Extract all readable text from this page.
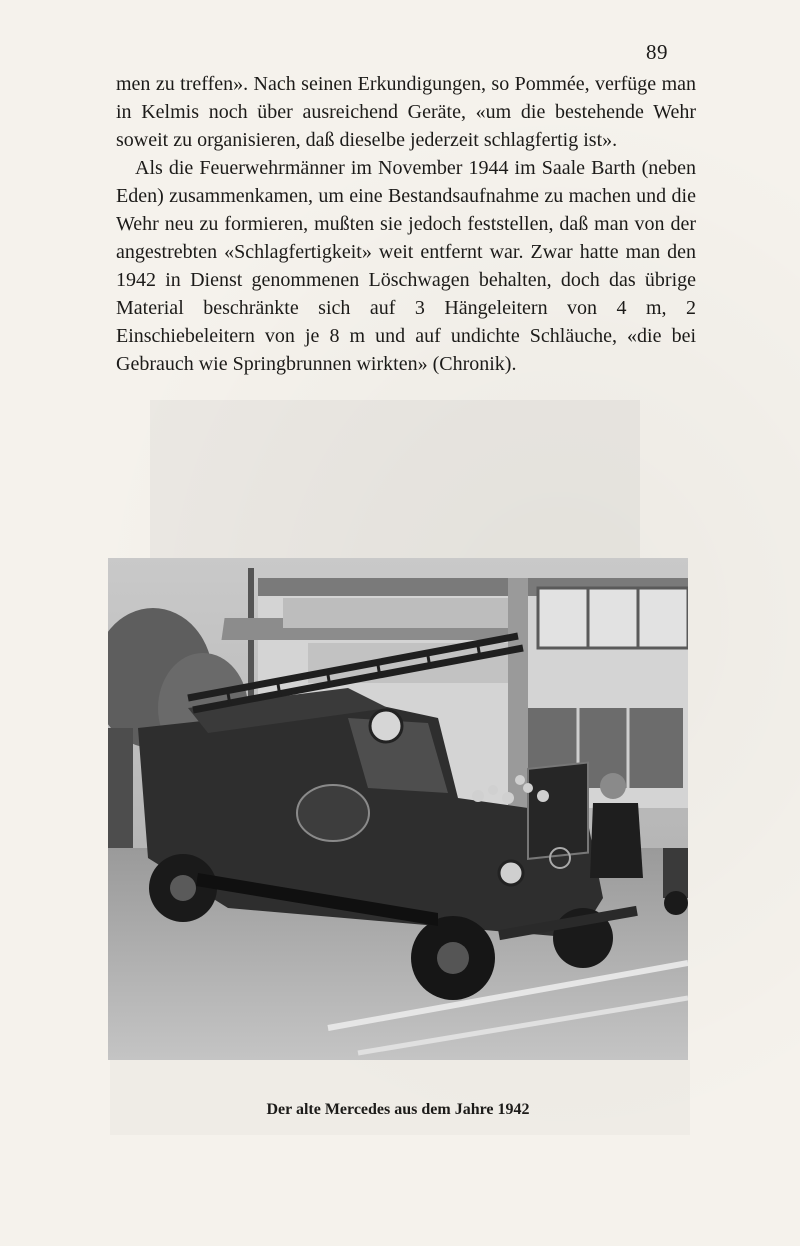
89

men zu treffen». Nach seinen Erkundigungen, so Pommée, verfüge man in Kelmis noch über ausreichend Geräte, «um die bestehende Wehr soweit zu organisieren, daß dieselbe jederzeit schlagfertig ist».

Als die Feuerwehrmänner im November 1944 im Saale Barth (neben Eden) zusammenkamen, um eine Bestandsaufnahme zu machen und die Wehr neu zu formieren, mußten sie jedoch feststellen, daß man von der angestrebten «Schlagfertigkeit» weit entfernt war. Zwar hatte man den 1942 in Dienst genommenen Löschwagen behalten, doch das übrige Material beschränkte sich auf 3 Hängeleitern von 4 m, 2 Einschiebeleitern von je 8 m und auf undichte Schläuche, «die bei Gebrauch wie Springbrunnen wirkten» (Chronik).

Der alte Mercedes aus dem Jahre 1942
